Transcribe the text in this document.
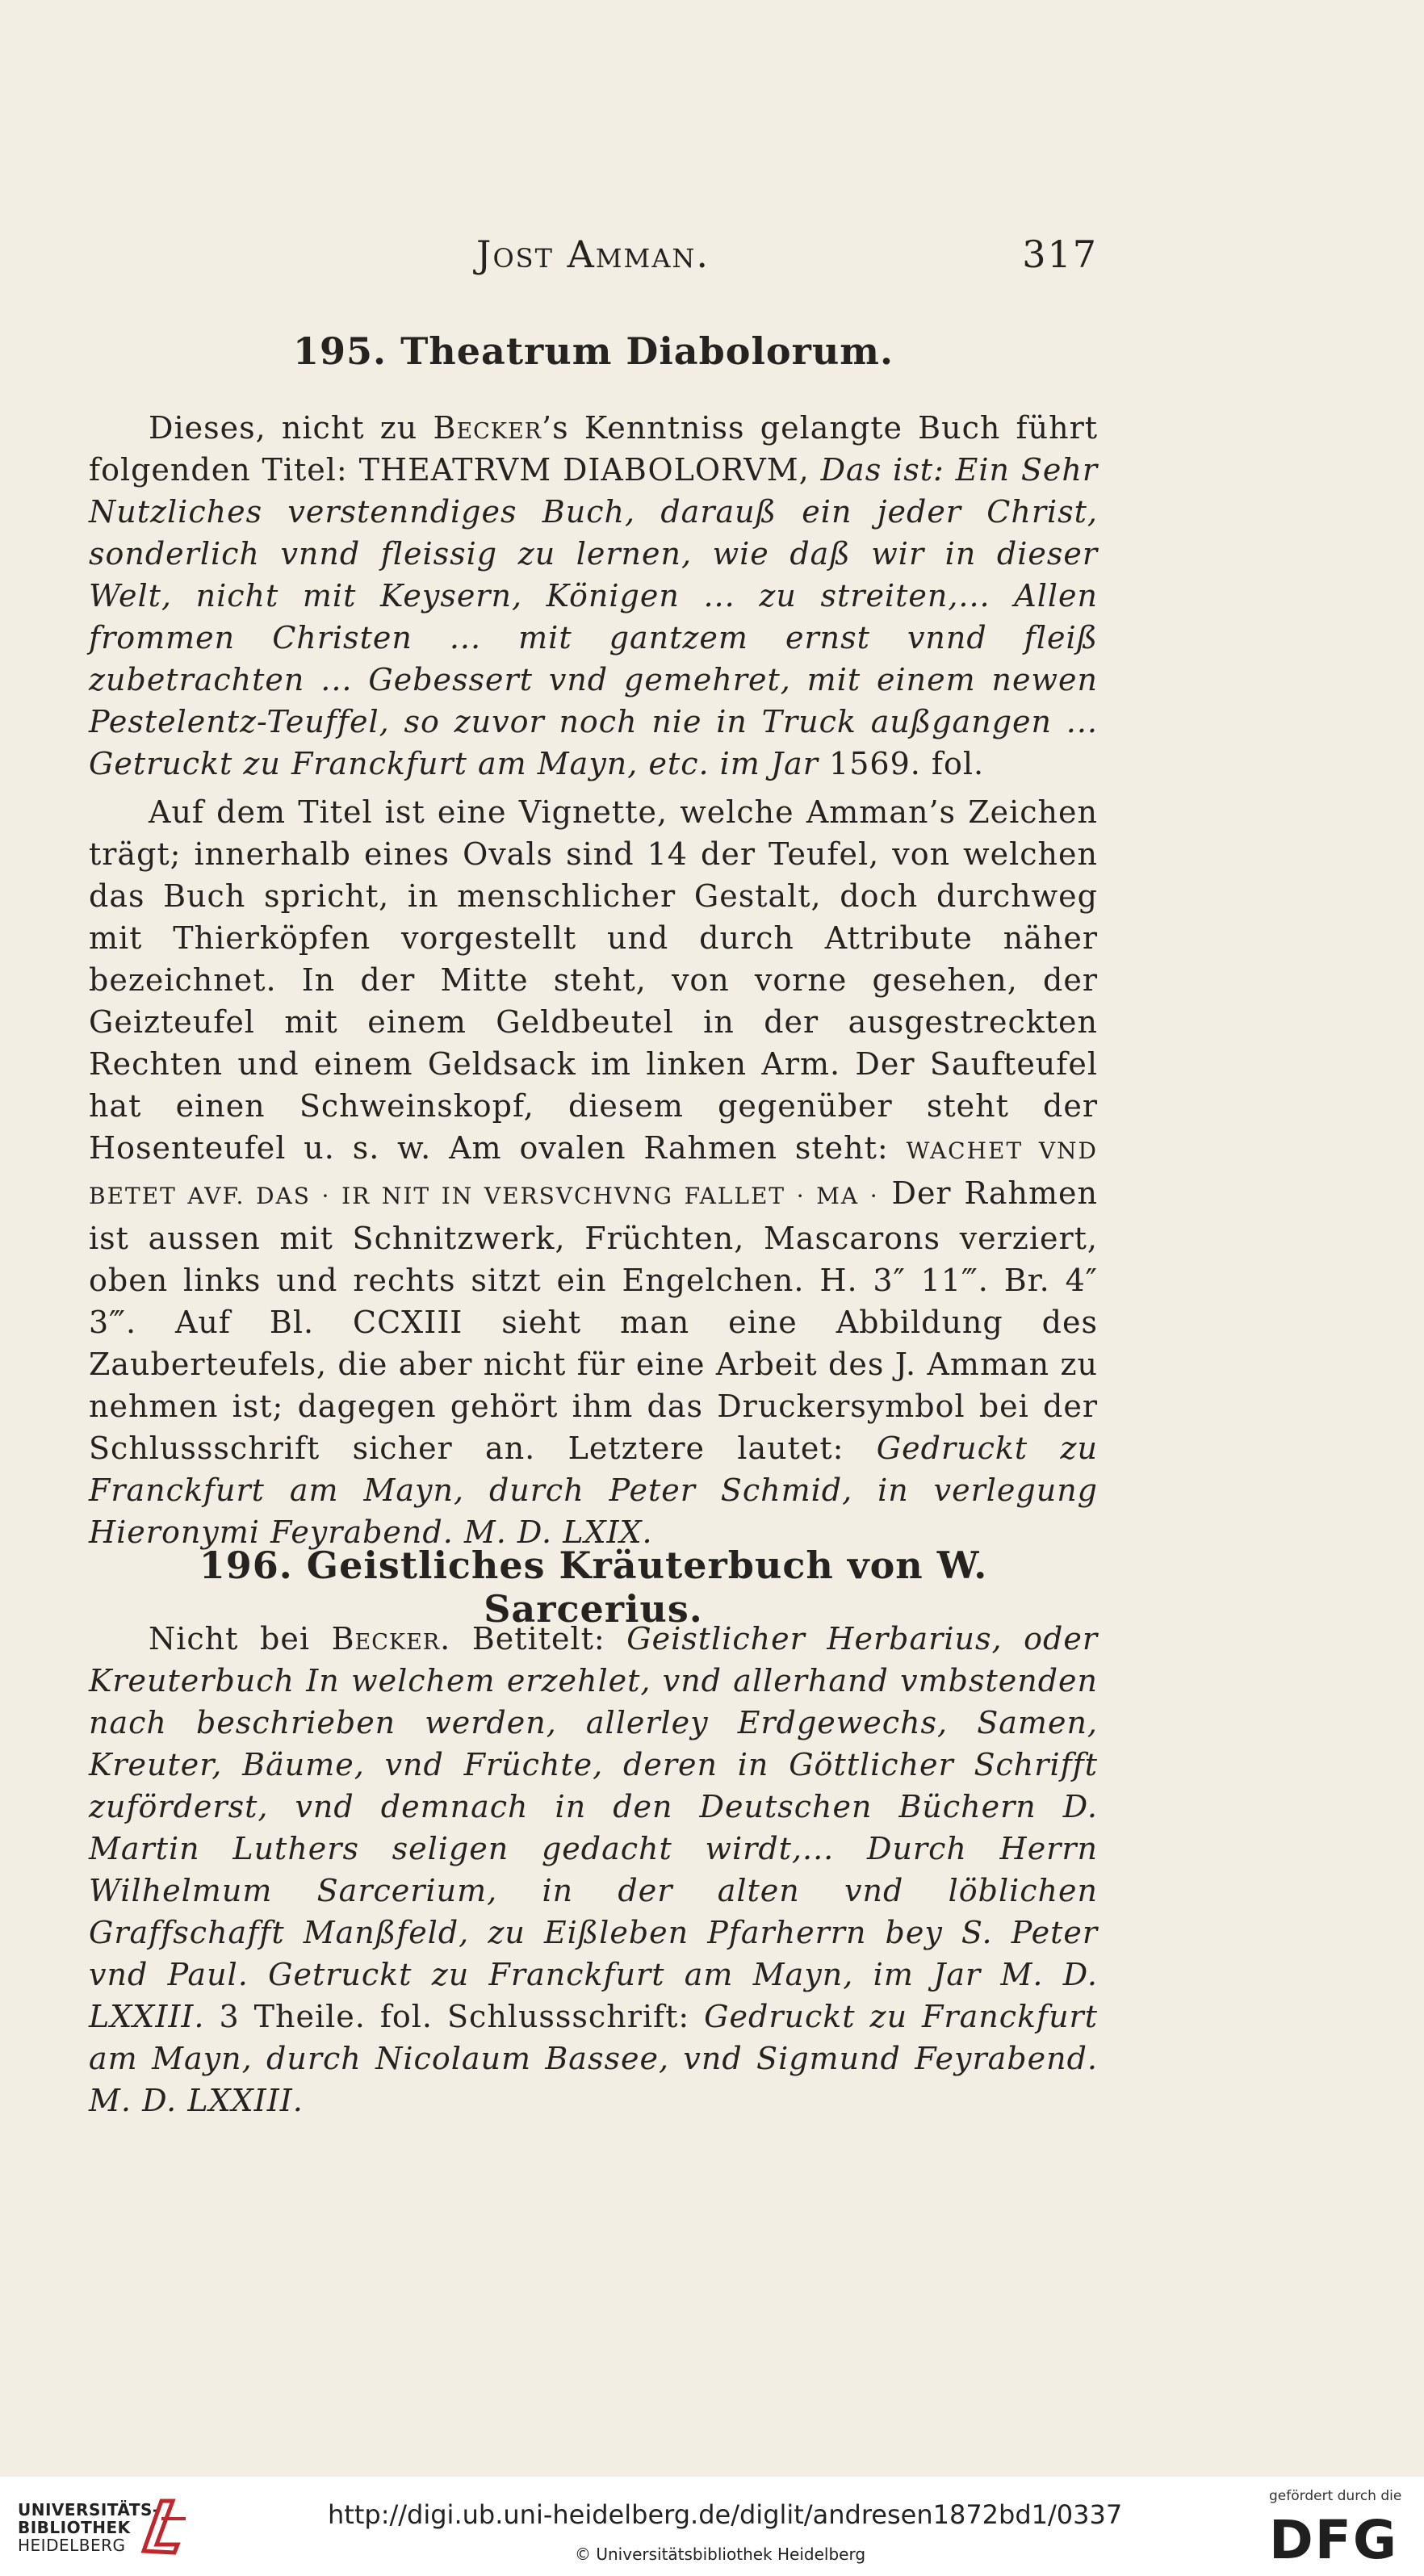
Jost Amman.	317
195. Theatrum Diabolorum.

Dieses, nicht zu Becker’s Kenntniss gelangte Buch führt folgenden Titel: THEATRVM DIABOLORVM, Das ist: Ein Sehr Nutzliches verstenndiges Buch, darauß ein jeder Christ, sonderlich vnnd fleissig zu lernen, wie daß wir in dieser Welt, nicht mit Keysern, Königen ... zu streiten,... Allen frommen Christen ... mit gantzem ernst vnnd fleiß zubetrachten ... Gebessert vnd gemehret, mit einem newen Pestelentz-Teuffel, so zuvor noch nie in Truck außgangen ... Getruckt zu Franckfurt am Mayn, etc. im Jar 1569. fol.

Auf dem Titel ist eine Vignette, welche Amman’s Zeichen trägt; innerhalb eines Ovals sind 14 der Teufel, von welchen das Buch spricht, in menschlicher Gestalt, doch durchweg mit Thierköpfen vorgestellt und durch Attribute näher bezeichnet. In der Mitte steht, von vorne gesehen, der Geizteufel mit einem Geldbeutel in der ausgestreckten Rechten und einem Geldsack im linken Arm. Der Saufteufel hat einen Schweinskopf, diesem gegenüber steht der Hosenteufel u. s. w. Am ovalen Rahmen steht: WACHET VND BETET AVF. DAS · IR NIT IN VERSVCHVNG FALLET · MA · Der Rahmen ist aussen mit Schnitzwerk, Früchten, Mascarons verziert, oben links und rechts sitzt ein Engelchen. H. 3″ 11‴. Br. 4″ 3‴. Auf Bl. CCXIII sieht man eine Abbildung des Zauberteufels, die aber nicht für eine Arbeit des J. Amman zu nehmen ist; dagegen gehört ihm das Druckersymbol bei der Schlussschrift sicher an. Letztere lautet: Gedruckt zu Franckfurt am Mayn, durch Peter Schmid, in verlegung Hieronymi Feyrabend. M. D. LXIX.

196. Geistliches Kräuterbuch von W. Sarcerius.

Nicht bei Becker. Betitelt: Geistlicher Herbarius, oder Kreuterbuch In welchem erzehlet, vnd allerhand vmbstenden nach beschrieben werden, allerley Erdgewechs, Samen, Kreuter, Bäume, vnd Früchte, deren in Göttlicher Schrifft zuförderst, vnd demnach in den Deutschen Büchern D. Martin Luthers seligen gedacht wirdt,... Durch Herrn Wilhelmum Sarcerium, in der alten vnd löblichen Graffschafft Manßfeld, zu Eißleben Pfarherrn bey S. Peter vnd Paul. Getruckt zu Franckfurt am Mayn, im Jar M. D. LXXIII. 3 Theile. fol. Schlussschrift: Gedruckt zu Franckfurt am Mayn, durch Nicolaum Bassee, vnd Sigmund Feyrabend. M. D. LXXIII.

UNIVERSITÄTS-
BIBLIOTHEK
HEIDELBERG
http://digi.ub.uni-heidelberg.de/diglit/andresen1872bd1/0337
© Universitätsbibliothek Heidelberg
gefördert durch die
DFG
